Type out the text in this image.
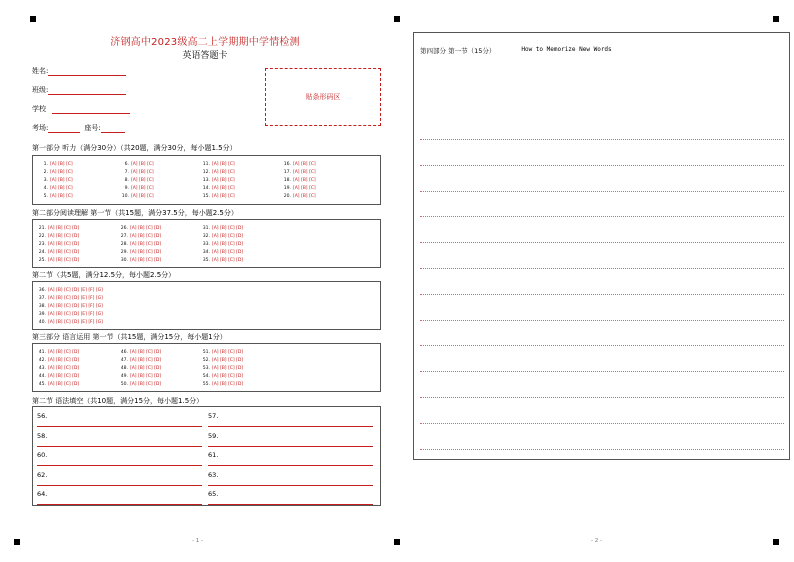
济钢高中2023级高二上学期期中学情检测
英语答题卡
姓名:
班级:
学校
考场:	座号:
贴条形码区
第一部分 听力（满分30分）（共20题，满分30分，每小题1.5分）
1. [A] [B] [C]
2. [A] [B] [C]
3. [A] [B] [C]
4. [A] [B] [C]
5. [A] [B] [C]
6. [A] [B] [C]
7. [A] [B] [C]
8. [A] [B] [C]
9. [A] [B] [C]
10. [A] [B] [C]
11. [A] [B] [C]
12. [A] [B] [C]
13. [A] [B] [C]
14. [A] [B] [C]
15. [A] [B] [C]
16. [A] [B] [C]
17. [A] [B] [C]
18. [A] [B] [C]
19. [A] [B] [C]
20. [A] [B] [C]
第二部分阅读理解 第一节（共15题，满分37.5分，每小题2.5分）
21. [A] [B] [C] [D]
22. [A] [B] [C] [D]
23. [A] [B] [C] [D]
24. [A] [B] [C] [D]
25. [A] [B] [C] [D]
26. [A] [B] [C] [D]
27. [A] [B] [C] [D]
28. [A] [B] [C] [D]
29. [A] [B] [C] [D]
30. [A] [B] [C] [D]
31. [A] [B] [C] [D]
32. [A] [B] [C] [D]
33. [A] [B] [C] [D]
34. [A] [B] [C] [D]
35. [A] [B] [C] [D]
第二节（共5题，满分12.5分，每小题2.5分）
36. [A] [B] [C] [D] [E] [F] [G]
37. [A] [B] [C] [D] [E] [F] [G]
38. [A] [B] [C] [D] [E] [F] [G]
39. [A] [B] [C] [D] [E] [F] [G]
40. [A] [B] [C] [D] [E] [F] [G]
第三部分 语言运用 第一节（共15题，满分15分，每小题1分）
41. [A] [B] [C] [D]
42. [A] [B] [C] [D]
43. [A] [B] [C] [D]
44. [A] [B] [C] [D]
45. [A] [B] [C] [D]
46. [A] [B] [C] [D]
47. [A] [B] [C] [D]
48. [A] [B] [C] [D]
49. [A] [B] [C] [D]
50. [A] [B] [C] [D]
51. [A] [B] [C] [D]
52. [A] [B] [C] [D]
53. [A] [B] [C] [D]
54. [A] [B] [C] [D]
55. [A] [B] [C] [D]
第二节 语法填空（共10题，满分15分，每小题1.5分）
56.	57.
58.	59.
60.	61.
62.	63.
64.	65.
第四部分 第一节（15分）	How to Memorize New Words
- 1 -	- 2 -
